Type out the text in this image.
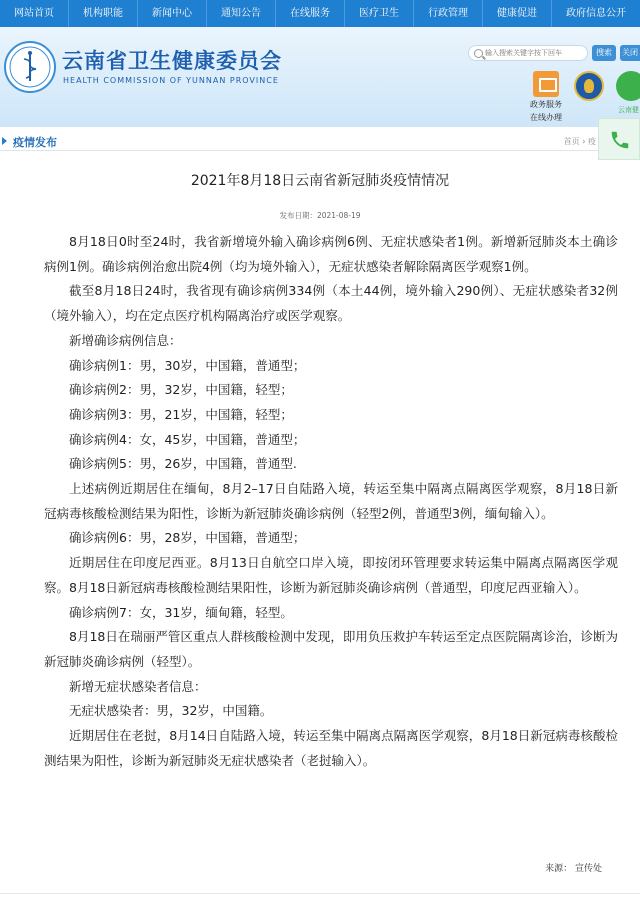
网站首页	机构职能	新闻中心	通知公告	在线服务	医疗卫生	行政管理	健康促进	政府信息公开
云南省卫生健康委员会
HEALTH COMMISSION OF YUNNAN PROVINCE
输入搜索关键字按下回车
搜索	关闭
政务服务
在线办理
云南健
疫情发布	首页 › 疫
2021年8月18日云南省新冠肺炎疫情情况
发布日期：2021-08-19

8月18日0时至24时，我省新增境外输入确诊病例6例、无症状感染者1例。新增新冠肺炎本土确诊病例1例。确诊病例治愈出院4例（均为境外输入），无症状感染者解除隔离医学观察1例。

截至8月18日24时，我省现有确诊病例334例（本土44例，境外输入290例）、无症状感染者32例（境外输入），均在定点医疗机构隔离治疗或医学观察。

新增确诊病例信息：

确诊病例1：男，30岁，中国籍，普通型；

确诊病例2：男，32岁，中国籍，轻型；

确诊病例3：男，21岁，中国籍，轻型；

确诊病例4：女，45岁，中国籍，普通型；

确诊病例5：男，26岁，中国籍，普通型.

上述病例近期居住在缅甸，8月2–17日自陆路入境，转运至集中隔离点隔离医学观察，8月18日新冠病毒核酸检测结果为阳性，诊断为新冠肺炎确诊病例（轻型2例，普通型3例，缅甸输入）。

确诊病例6：男，28岁，中国籍，普通型；

近期居住在印度尼西亚。8月13日自航空口岸入境，即按闭环管理要求转运集中隔离点隔离医学观察。8月18日新冠病毒核酸检测结果阳性，诊断为新冠肺炎确诊病例（普通型，印度尼西亚输入）。

确诊病例7：女，31岁，缅甸籍，轻型。

8月18日在瑞丽严管区重点人群核酸检测中发现，即用负压救护车转运至定点医院隔离诊治，诊断为新冠肺炎确诊病例（轻型）。

新增无症状感染者信息：

无症状感染者：男，32岁，中国籍。

近期居住在老挝，8月14日自陆路入境，转运至集中隔离点隔离医学观察，8月18日新冠病毒核酸检测结果为阳性，诊断为新冠肺炎无症状感染者（老挝输入）。

来源： 宣传处
